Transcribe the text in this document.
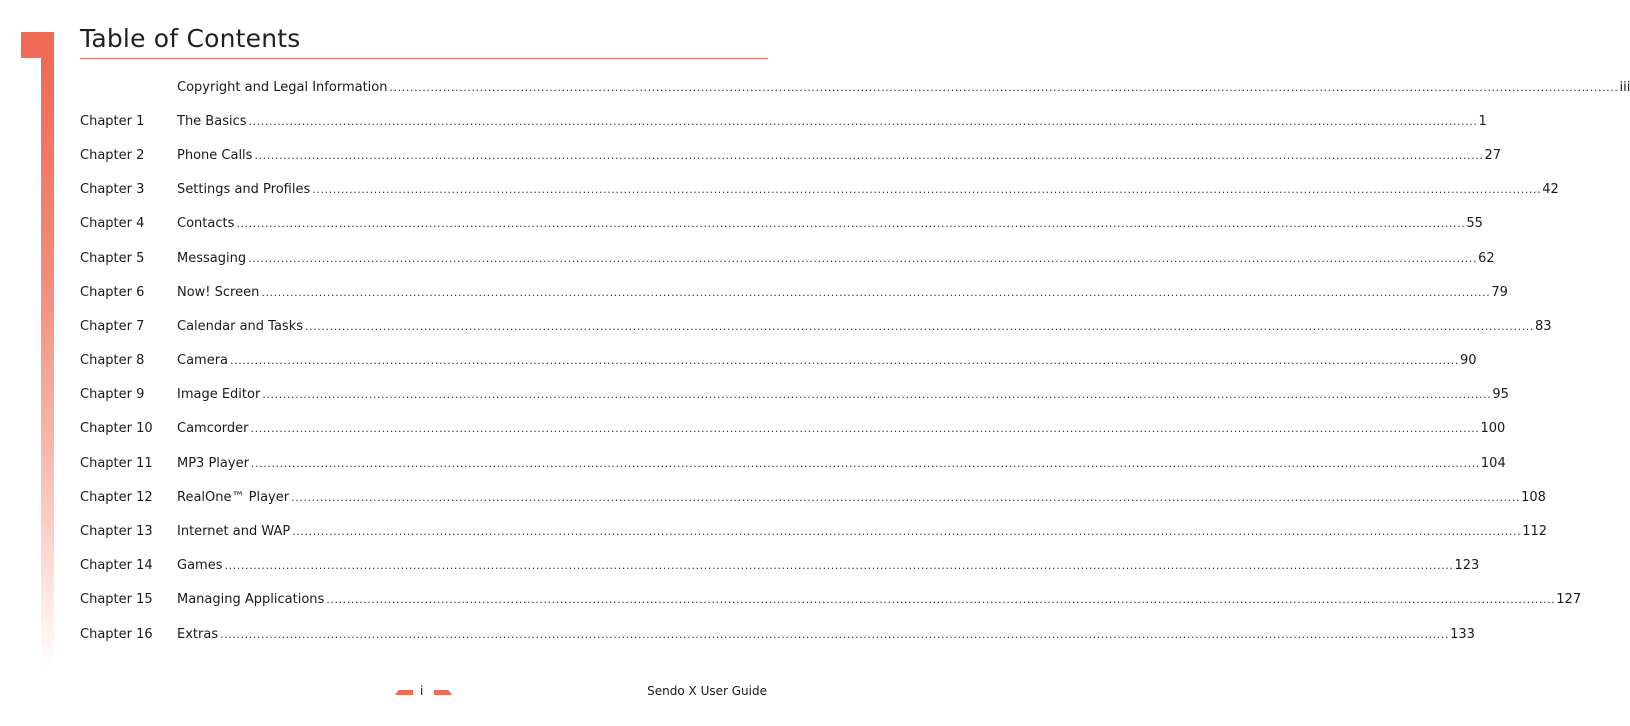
Table of Contents
Copyright and Legal Information ............................................................................................................................................................................................................................................................................................................ iii
Chapter 1	The Basics ............................................................................................................................................................................................................................................................................................................ 1
Chapter 2	Phone Calls ............................................................................................................................................................................................................................................................................................................ 27
Chapter 3	Settings and Profiles ............................................................................................................................................................................................................................................................................................................ 42
Chapter 4	Contacts ............................................................................................................................................................................................................................................................................................................ 55
Chapter 5	Messaging ............................................................................................................................................................................................................................................................................................................ 62
Chapter 6	Now! Screen ............................................................................................................................................................................................................................................................................................................ 79
Chapter 7	Calendar and Tasks ............................................................................................................................................................................................................................................................................................................ 83
Chapter 8	Camera ............................................................................................................................................................................................................................................................................................................ 90
Chapter 9	Image Editor ............................................................................................................................................................................................................................................................................................................ 95
Chapter 10	Camcorder ............................................................................................................................................................................................................................................................................................................ 100
Chapter 11	MP3 Player ............................................................................................................................................................................................................................................................................................................ 104
Chapter 12	RealOne™ Player ............................................................................................................................................................................................................................................................................................................ 108
Chapter 13	Internet and WAP ............................................................................................................................................................................................................................................................................................................ 112
Chapter 14	Games ............................................................................................................................................................................................................................................................................................................ 123
Chapter 15	Managing Applications ............................................................................................................................................................................................................................................................................................................ 127
Chapter 16	Extras ............................................................................................................................................................................................................................................................................................................ 133
i	Sendo X User Guide
